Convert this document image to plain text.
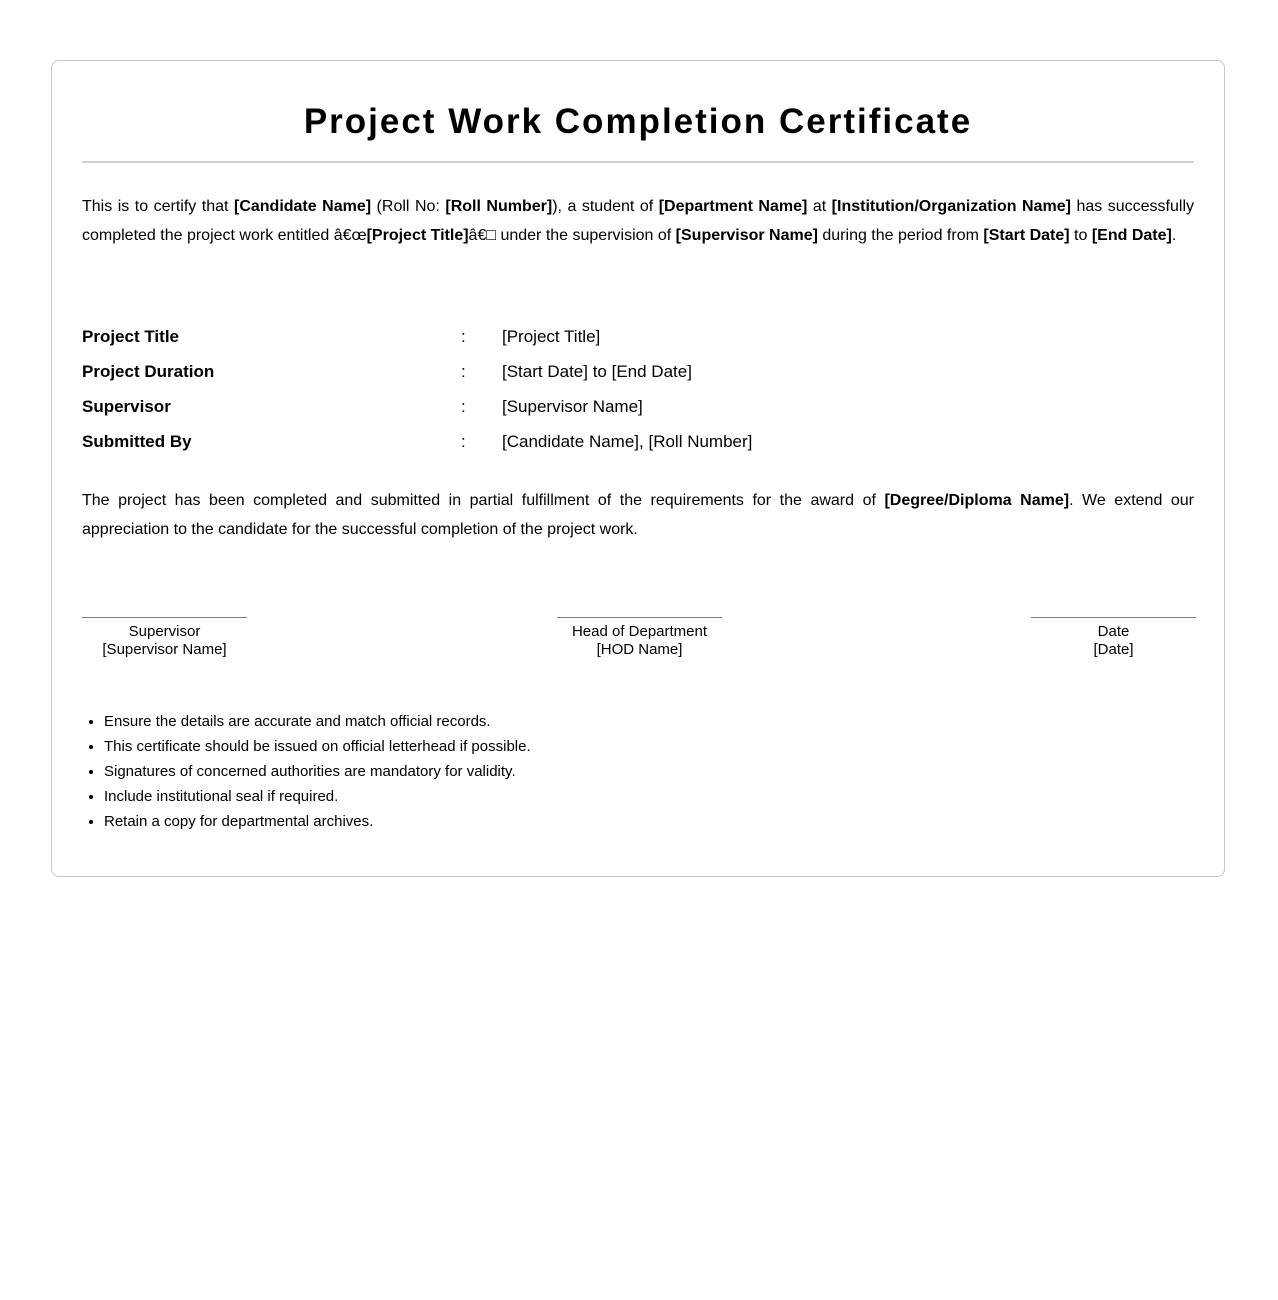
Project Work Completion Certificate

This is to certify that [Candidate Name] (Roll No: [Roll Number]), a student of [Department Name] at [Institution/Organization Name] has successfully completed the project work entitled â€œ[Project Title]â€□ under the supervision of [Supervisor Name] during the period from [Start Date] to [End Date].

Project Title	: [Project Title]
Project Duration	: [Start Date] to [End Date]
Supervisor	: [Supervisor Name]
Submitted By	: [Candidate Name], [Roll Number]

The project has been completed and submitted in partial fulfillment of the requirements for the award of [Degree/Diploma Name]. We extend our appreciation to the candidate for the successful completion of the project work.

Supervisor
[Supervisor Name]
Head of Department
[HOD Name]
Date
[Date]
• Ensure the details are accurate and match official records.
• This certificate should be issued on official letterhead if possible.
• Signatures of concerned authorities are mandatory for validity.
• Include institutional seal if required.
• Retain a copy for departmental archives.
